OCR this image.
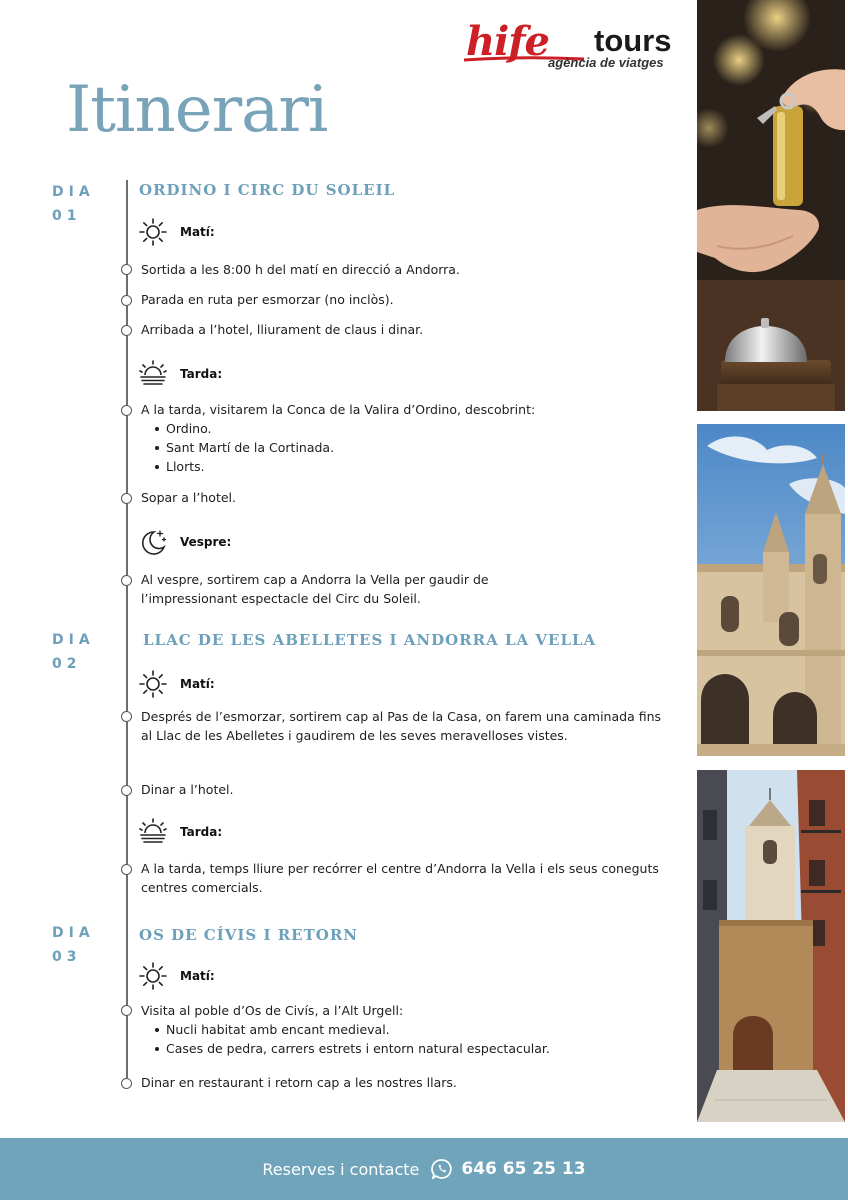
hife tours
agència de viatges
Itinerari
DIA
01
ORDINO I CIRC DU SOLEIL
Matí:
Sortida a les 8:00 h del matí en direcció a Andorra.
Parada en ruta per esmorzar (no inclòs).
Arribada a l’hotel, lliurament de claus i dinar.
Tarda:
A la tarda, visitarem la Conca de la Valira d’Ordino, descobrint:
Ordino.
Sant Martí de la Cortinada.
Llorts.
Sopar a l’hotel.
Vespre:
Al vespre, sortirem cap a Andorra la Vella per gaudir de l’impressionant espectacle del Circ du Soleil.
DIA
02
LLAC DE LES ABELLETES I ANDORRA LA VELLA
Matí:
Després de l’esmorzar, sortirem cap al Pas de la Casa, on farem una caminada fins al Llac de les Abelletes i gaudirem de les seves meravelloses vistes.
Dinar a l’hotel.
Tarda:
A la tarda, temps lliure per recórrer el centre d’Andorra la Vella i els seus coneguts centres comercials.
DIA
03
OS DE CÍVIS I RETORN
Matí:
Visita al poble d’Os de Civís, a l’Alt Urgell:
Nucli habitat amb encant medieval.
Cases de pedra, carrers estrets i entorn natural espectacular.
Dinar en restaurant i retorn cap a les nostres llars.
Reserves i contacte 646 65 25 13
